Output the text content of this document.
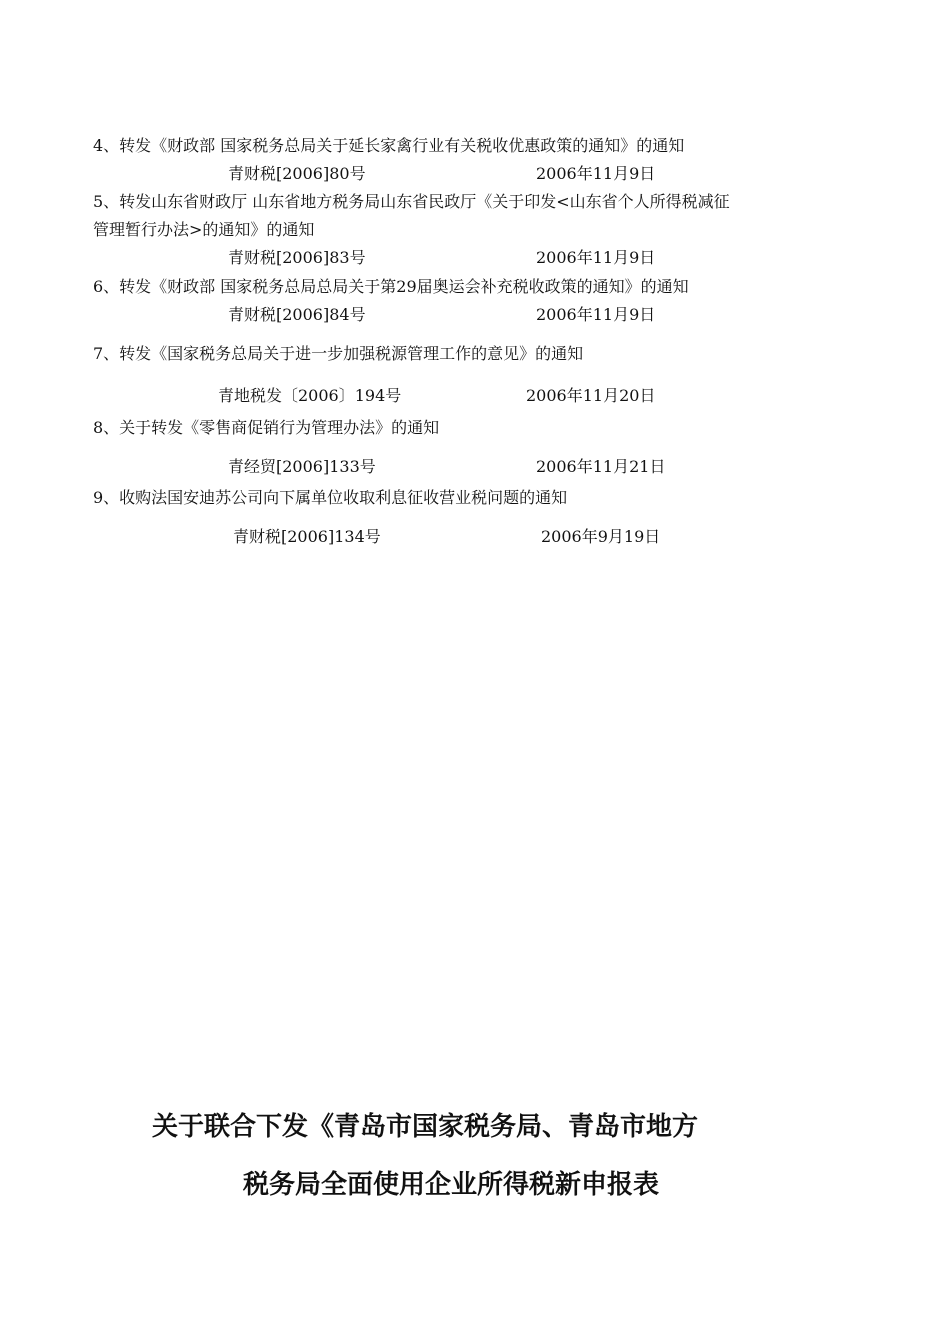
4、转发《财政部 国家税务总局关于延长家禽行业有关税收优惠政策的通知》的通知
青财税[2006]80号	2006年11月9日
5、转发山东省财政厅 山东省地方税务局山东省民政厅《关于印发<山东省个人所得税减征
管理暂行办法>的通知》的通知
青财税[2006]83号	2006年11月9日
6、转发《财政部 国家税务总局总局关于第29届奥运会补充税收政策的通知》的通知
青财税[2006]84号	2006年11月9日
7、转发《国家税务总局关于进一步加强税源管理工作的意见》的通知
青地税发〔2006〕194号	2006年11月20日
8、关于转发《零售商促销行为管理办法》的通知
青经贸[2006]133号	2006年11月21日
9、收购法国安迪苏公司向下属单位收取利息征收营业税问题的通知
青财税[2006]134号	2006年9月19日
关于联合下发《青岛市国家税务局、青岛市地方
税务局全面使用企业所得税新申报表
